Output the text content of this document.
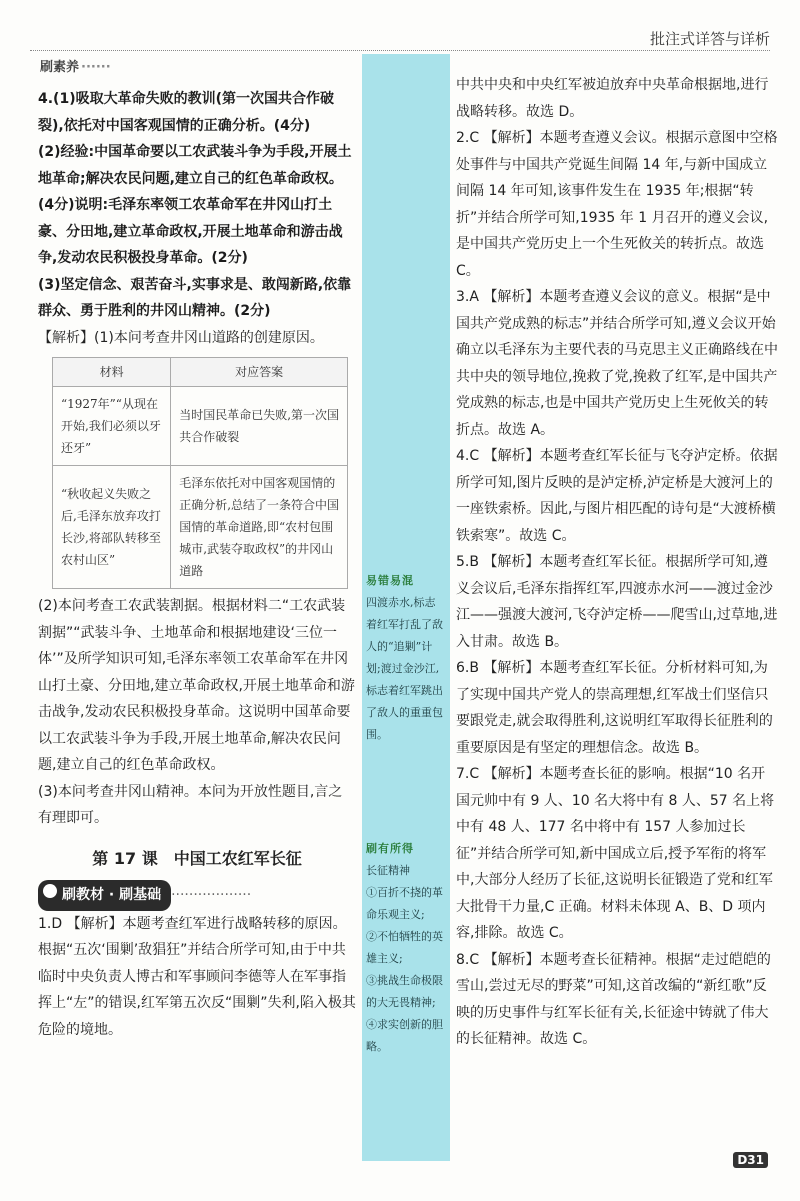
批注式详答与详析
刷素养 ······

4.(1)吸取大革命失败的教训(第一次国共合作破裂),依托对中国客观国情的正确分析。(4分)

(2)经验:中国革命要以工农武装斗争为手段,开展土地革命;解决农民问题,建立自己的红色革命政权。(4分)说明:毛泽东率领工农革命军在井冈山打土豪、分田地,建立革命政权,开展土地革命和游击战争,发动农民积极投身革命。(2分)

(3)坚定信念、艰苦奋斗,实事求是、敢闯新路,依靠群众、勇于胜利的井冈山精神。(2分)

【解析】(1)本问考查井冈山道路的创建原因。

材料	对应答案
“1927年”“从现在开始,我们必须以牙还牙”	当时国民革命已失败,第一次国共合作破裂
“秋收起义失败之后,毛泽东放弃攻打长沙,将部队转移至农村山区”	毛泽东依托对中国客观国情的正确分析,总结了一条符合中国国情的革命道路,即“农村包围城市,武装夺取政权”的井冈山道路

(2)本问考查工农武装割据。根据材料二“工农武装割据”“武装斗争、土地革命和根据地建设‘三位一体’”及所学知识可知,毛泽东率领工农革命军在井冈山打土豪、分田地,建立革命政权,开展土地革命和游击战争,发动农民积极投身革命。这说明中国革命要以工农武装斗争为手段,开展土地革命,解决农民问题,建立自己的红色革命政权。

(3)本问考查井冈山精神。本问为开放性题目,言之有理即可。

第 17 课　中国工农红军长征
刷教材 · 刷基础 ··················

1.D 【解析】本题考查红军进行战略转移的原因。根据“五次‘围剿’敌猖狂”并结合所学可知,由于中共临时中央负责人博古和军事顾问李德等人在军事指挥上“左”的错误,红军第五次反“围剿”失利,陷入极其危险的境地。

易错易混
四渡赤水,标志着红军打乱了敌人的“追剿”计划;渡过金沙江,标志着红军跳出了敌人的重重包围。
刷有所得
长征精神
①百折不挠的革命乐观主义;
②不怕牺牲的英雄主义;
③挑战生命极限的大无畏精神;
④求实创新的胆略。

中共中央和中央红军被迫放弃中央革命根据地,进行战略转移。故选 D。

2.C 【解析】本题考查遵义会议。根据示意图中空格处事件与中国共产党诞生间隔 14 年,与新中国成立间隔 14 年可知,该事件发生在 1935 年;根据“转折”并结合所学可知,1935 年 1 月召开的遵义会议,是中国共产党历史上一个生死攸关的转折点。故选 C。

3.A 【解析】本题考查遵义会议的意义。根据“是中国共产党成熟的标志”并结合所学可知,遵义会议开始确立以毛泽东为主要代表的马克思主义正确路线在中共中央的领导地位,挽救了党,挽救了红军,是中国共产党成熟的标志,也是中国共产党历史上生死攸关的转折点。故选 A。

4.C 【解析】本题考查红军长征与飞夺泸定桥。依据所学可知,图片反映的是泸定桥,泸定桥是大渡河上的一座铁索桥。因此,与图片相匹配的诗句是“大渡桥横铁索寒”。故选 C。

5.B 【解析】本题考查红军长征。根据所学可知,遵义会议后,毛泽东指挥红军,四渡赤水河——渡过金沙江——强渡大渡河,飞夺泸定桥——爬雪山,过草地,进入甘肃。故选 B。

6.B 【解析】本题考查红军长征。分析材料可知,为了实现中国共产党人的崇高理想,红军战士们坚信只要跟党走,就会取得胜利,这说明红军取得长征胜利的重要原因是有坚定的理想信念。故选 B。

7.C 【解析】本题考查长征的影响。根据“10 名开国元帅中有 9 人、10 名大将中有 8 人、57 名上将中有 48 人、177 名中将中有 157 人参加过长征”并结合所学可知,新中国成立后,授予军衔的将军中,大部分人经历了长征,这说明长征锻造了党和红军大批骨干力量,C 正确。材料未体现 A、B、D 项内容,排除。故选 C。

8.C 【解析】本题考查长征精神。根据“走过皑皑的雪山,尝过无尽的野菜”可知,这首改编的“新红歌”反映的历史事件与红军长征有关,长征途中铸就了伟大的长征精神。故选 C。

D31
